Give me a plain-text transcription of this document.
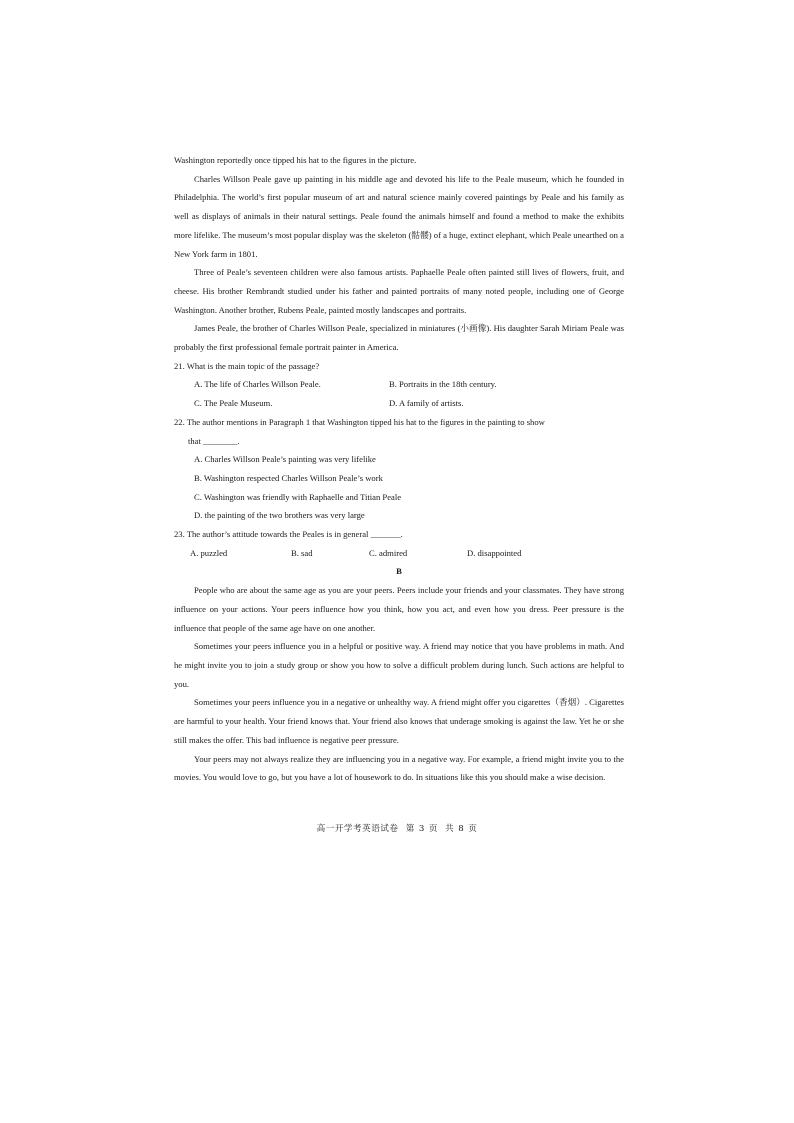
Washington reportedly once tipped his hat to the figures in the picture.

Charles Willson Peale gave up painting in his middle age and devoted his life to the Peale museum, which he founded in Philadelphia. The world’s first popular museum of art and natural science mainly covered paintings by Peale and his family as well as displays of animals in their natural settings. Peale found the animals himself and found a method to make the exhibits more lifelike. The museum’s most popular display was the skeleton (骷髅) of a huge, extinct elephant, which Peale unearthed on a New York farm in 1801.

Three of Peale’s seventeen children were also famous artists. Paphaelle Peale often painted still lives of flowers, fruit, and cheese. His brother Rembrandt studied under his father and painted portraits of many noted people, including one of George Washington. Another brother, Rubens Peale, painted mostly landscapes and portraits.

James Peale, the brother of Charles Willson Peale, specialized in miniatures (小画像). His daughter Sarah Miriam Peale was probably the first professional female portrait painter in America.

21. What is the main topic of the passage?

A. The life of Charles Willson Peale.	B. Portraits in the 18th century.
C. The Peale Museum.	D. A family of artists.

22. The author mentions in Paragraph 1 that Washington tipped his hat to the figures in the painting to show

that ________.

A. Charles Willson Peale’s painting was very lifelike

B. Washington respected Charles Willson Peale’s work

C. Washington was friendly with Raphaelle and Titian Peale

D. the painting of the two brothers was very large

23. The author’s attitude towards the Peales is in general _______.

A. puzzled	B. sad	C. admired	D. disappointed
B

People who are about the same age as you are your peers. Peers include your friends and your classmates. They have strong influence on your actions. Your peers influence how you think, how you act, and even how you dress. Peer pressure is the influence that people of the same age have on one another.

Sometimes your peers influence you in a helpful or positive way. A friend may notice that you have problems in math. And he might invite you to join a study group or show you how to solve a difficult problem during lunch. Such actions are helpful to you.

Sometimes your peers influence you in a negative or unhealthy way. A friend might offer you cigarettes（香烟）. Cigarettes are harmful to your health. Your friend knows that. Your friend also knows that underage smoking is against the law. Yet he or she still makes the offer. This bad influence is negative peer pressure.

Your peers may not always realize they are influencing you in a negative way. For example, a friend might invite you to the movies. You would love to go, but you have a lot of housework to do. In situations like this you should make a wise decision.

高一开学考英语试卷 第 3 页 共 8 页
